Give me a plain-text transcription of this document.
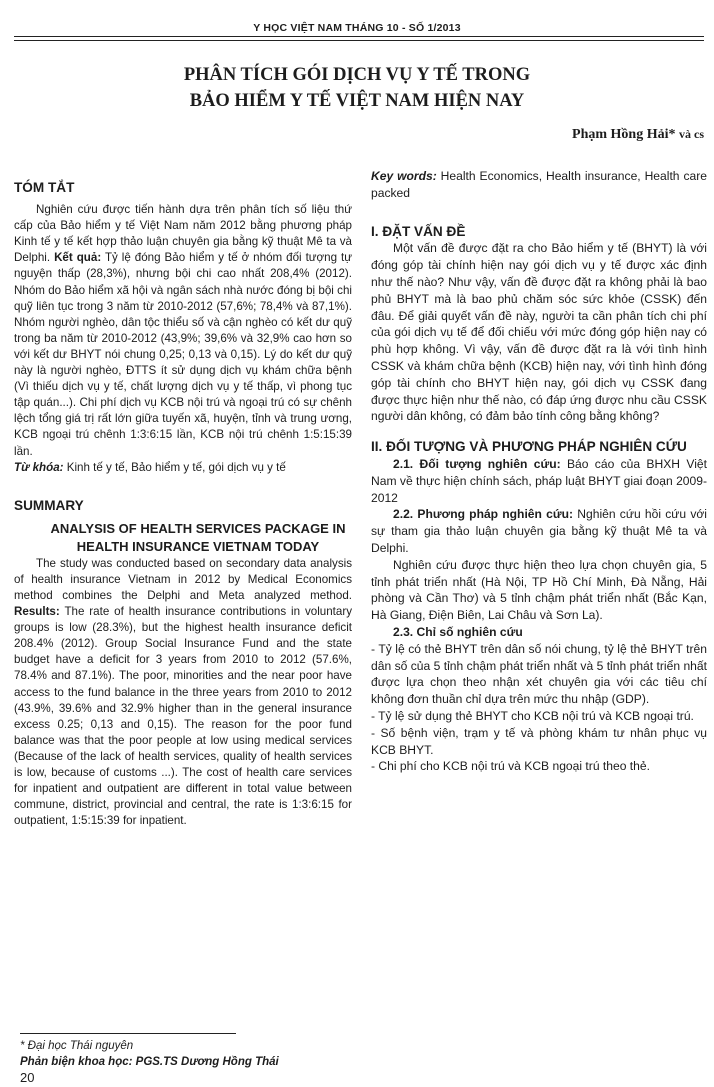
Y HỌC VIỆT NAM THÁNG 10 - SỐ 1/2013
PHÂN TÍCH GÓI DỊCH VỤ Y TẾ TRONG
BẢO HIỂM Y TẾ VIỆT NAM HIỆN NAY
Phạm Hồng Hải* và cs

TÓM TẮT

Nghiên cứu được tiến hành dựa trên phân tích số liệu thứ cấp của Bảo hiểm y tế Việt Nam năm 2012 bằng phương pháp Kinh tế y tế kết hợp thảo luận chuyên gia bằng kỹ thuật Mê ta và Delphi. Kết quả: Tỷ lệ đóng Bảo hiểm y tế ở nhóm đối tượng tự nguyện thấp (28,3%), nhưng bội chi cao nhất 208,4% (2012). Nhóm do Bảo hiểm xã hội và ngân sách nhà nước đóng bị bội chi quỹ liên tục trong 3 năm từ 2010-2012 (57,6%; 78,4% và 87,1%). Nhóm người nghèo, dân tộc thiểu số và cận nghèo có kết dư quỹ trong ba năm từ 2010-2012 (43,9%; 39,6% và 32,9% cao hơn so với kết dư BHYT nói chung 0,25; 0,13 và 0,15). Lý do kết dư quỹ này là người nghèo, ĐTTS ít sử dụng dịch vụ khám chữa bệnh (Vì thiếu dịch vụ y tế, chất lượng dịch vụ y tế thấp, vì phong tục tập quán...). Chi phí dịch vụ KCB nội trú và ngoại trú có sự chênh lệch tổng giá trị rất lớn giữa tuyến xã, huyện, tỉnh và trung ương, KCB ngoại trú chênh 1:3:6:15 lần, KCB nội trú chênh 1:5:15:39 lần.

Từ khóa: Kinh tế y tế, Bảo hiểm y tế, gói dịch vụ y tế

SUMMARY

ANALYSIS OF HEALTH SERVICES PACKAGE IN HEALTH INSURANCE VIETNAM TODAY

The study was conducted based on secondary data analysis of health insurance Vietnam in 2012 by Medical Economics method combines the Delphi and Meta analyzed method. Results: The rate of health insurance contributions in voluntary groups is low (28.3%), but the highest health insurance deficit 208.4% (2012). Group Social Insurance Fund and the state budget have a deficit for 3 years from 2010 to 2012 (57.6%, 78.4% and 87.1%). The poor, minorities and the near poor have access to the fund balance in the three years from 2010 to 2012 (43.9%, 39.6% and 32.9% higher than in the general insurance excess 0.25; 0,13 and 0,15). The reason for the poor fund balance was that the poor people at low using medical services (Because of the lack of health services, quality of health services is low, because of customs ...). The cost of health care services for inpatient and outpatient are different in total value between commune, district, provincial and central, the rate is 1:3:6:15 for outpatient, 1:5:15:39 for inpatient.

Key words: Health Economics, Health insurance, Health care packed

I. ĐẶT VẤN ĐỀ

Một vấn đề được đặt ra cho Bảo hiểm y tế (BHYT) là với đóng góp tài chính hiện nay gói dịch vụ y tế được xác định như thế nào? Như vậy, vấn đề được đặt ra không phải là bao phủ BHYT mà là bao phủ chăm sóc sức khỏe (CSSK) đến đâu. Để giải quyết vấn đề này, người ta cần phân tích chi phí của gói dịch vụ tế để đối chiếu với mức đóng góp hiện nay có phù hợp không. Vì vậy, vấn đề được đặt ra là với tình hình CSSK và khám chữa bệnh (KCB) hiện nay, với tình hình đóng góp tài chính cho BHYT hiện nay, gói dịch vụ CSSK đang được thực hiện như thế nào, có đáp ứng được nhu cầu CSSK người dân không, có đảm bảo tính công bằng không?

II. ĐỐI TƯỢNG VÀ PHƯƠNG PHÁP NGHIÊN CỨU

2.1. Đối tượng nghiên cứu: Báo cáo của BHXH Việt Nam về thực hiện chính sách, pháp luật BHYT giai đoạn 2009-2012

2.2. Phương pháp nghiên cứu: Nghiên cứu hồi cứu với sự tham gia thảo luận chuyên gia bằng kỹ thuật Mê ta và Delphi.

Nghiên cứu được thực hiện theo lựa chọn chuyên gia, 5 tỉnh phát triển nhất (Hà Nội, TP Hồ Chí Minh, Đà Nẵng, Hải phòng và Cần Thơ) và 5 tỉnh chậm phát triển nhất (Bắc Kạn, Hà Giang, Điện Biên, Lai Châu và Sơn La).

2.3. Chỉ số nghiên cứu

- Tỷ lệ có thẻ BHYT trên dân số nói chung, tỷ lệ thẻ BHYT trên dân số của 5 tỉnh chậm phát triển nhất và 5 tỉnh phát triển nhất được lựa chọn theo nhận xét chuyên gia với các tiêu chí không đơn thuần chỉ dựa trên mức thu nhập (GDP).

- Tỷ lệ sử dụng thẻ BHYT cho KCB nội trú và KCB ngoại trú.

- Số bệnh viện, trạm y tế và phòng khám tư nhân phục vụ KCB BHYT.

- Chi phí cho KCB nội trú và KCB ngoại trú theo thẻ.

* Đại học Thái nguyên
Phản biện khoa học: PGS.TS Dương Hồng Thái
20
